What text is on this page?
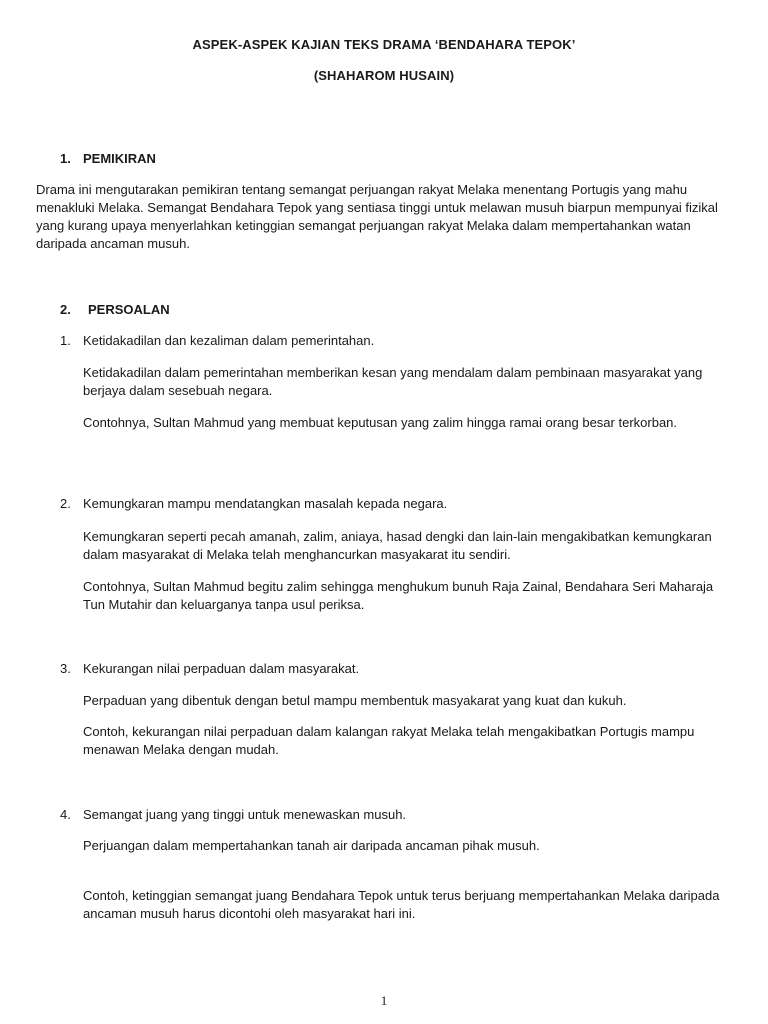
ASPEK-ASPEK KAJIAN TEKS DRAMA ‘BENDAHARA TEPOK’
(SHAHAROM HUSAIN)
1. PEMIKIRAN
Drama ini mengutarakan pemikiran tentang semangat perjuangan rakyat Melaka menentang Portugis yang mahu menakluki Melaka. Semangat Bendahara Tepok yang sentiasa tinggi untuk melawan musuh biarpun mempunyai fizikal yang kurang upaya menyerlahkan ketinggian semangat perjuangan rakyat Melaka dalam mempertahankan watan daripada ancaman musuh.
2. PERSOALAN
1. Ketidakadilan dan kezaliman dalam pemerintahan.
Ketidakadilan dalam pemerintahan memberikan kesan yang mendalam dalam pembinaan masyarakat yang berjaya dalam sesebuah negara.
Contohnya, Sultan Mahmud yang membuat keputusan yang zalim hingga ramai orang besar terkorban.
2. Kemungkaran mampu mendatangkan masalah kepada negara.
Kemungkaran seperti pecah amanah, zalim, aniaya, hasad dengki dan lain-lain mengakibatkan kemungkaran dalam masyarakat di Melaka telah menghancurkan masyakarat itu sendiri.
Contohnya, Sultan Mahmud begitu zalim sehingga menghukum bunuh Raja Zainal, Bendahara Seri Maharaja Tun Mutahir dan keluarganya tanpa usul periksa.
3. Kekurangan nilai perpaduan dalam masyarakat.
Perpaduan yang dibentuk dengan betul mampu membentuk masyakarat yang kuat dan kukuh.
Contoh, kekurangan nilai perpaduan dalam kalangan rakyat Melaka telah mengakibatkan Portugis mampu menawan Melaka dengan mudah.
4. Semangat juang yang tinggi untuk menewaskan musuh.
Perjuangan dalam mempertahankan tanah air daripada ancaman pihak musuh.
Contoh, ketinggian semangat juang Bendahara Tepok untuk terus berjuang mempertahankan Melaka daripada ancaman musuh harus dicontohi oleh masyarakat hari ini.
1
